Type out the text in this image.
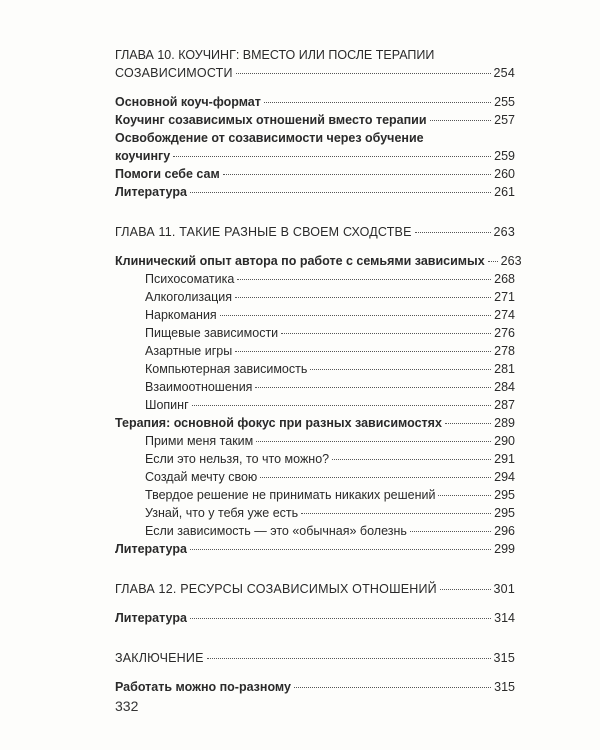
ГЛАВА 10. КОУЧИНГ: ВМЕСТО ИЛИ ПОСЛЕ ТЕРАПИИ
СОЗАВИСИМОСТИ	254
Основной коуч-формат	255
Коучинг созависимых отношений вместо терапии	257
Освобождение от созависимости через обучение
коучингу	259
Помоги себе сам	260
Литература	261
ГЛАВА 11. ТАКИЕ РАЗНЫЕ В СВОЕМ СХОДСТВЕ	263
Клинический опыт автора по работе с семьями зависимых 263
Психосоматика	268
Алкоголизация	271
Наркомания	274
Пищевые зависимости	276
Азартные игры	278
Компьютерная зависимость	281
Взаимоотношения	284
Шопинг	287
Терапия: основной фокус при разных зависимостях	289
Прими меня таким	290
Если это нельзя, то что можно?	291
Создай мечту свою	294
Твердое решение не принимать никаких решений	295
Узнай, что у тебя уже есть	295
Если зависимость — это «обычная» болезнь	296
Литература	299
ГЛАВА 12. РЕСУРСЫ СОЗАВИСИМЫХ ОТНОШЕНИЙ	301
Литература	314
ЗАКЛЮЧЕНИЕ	315
Работать можно по-разному	315
332
